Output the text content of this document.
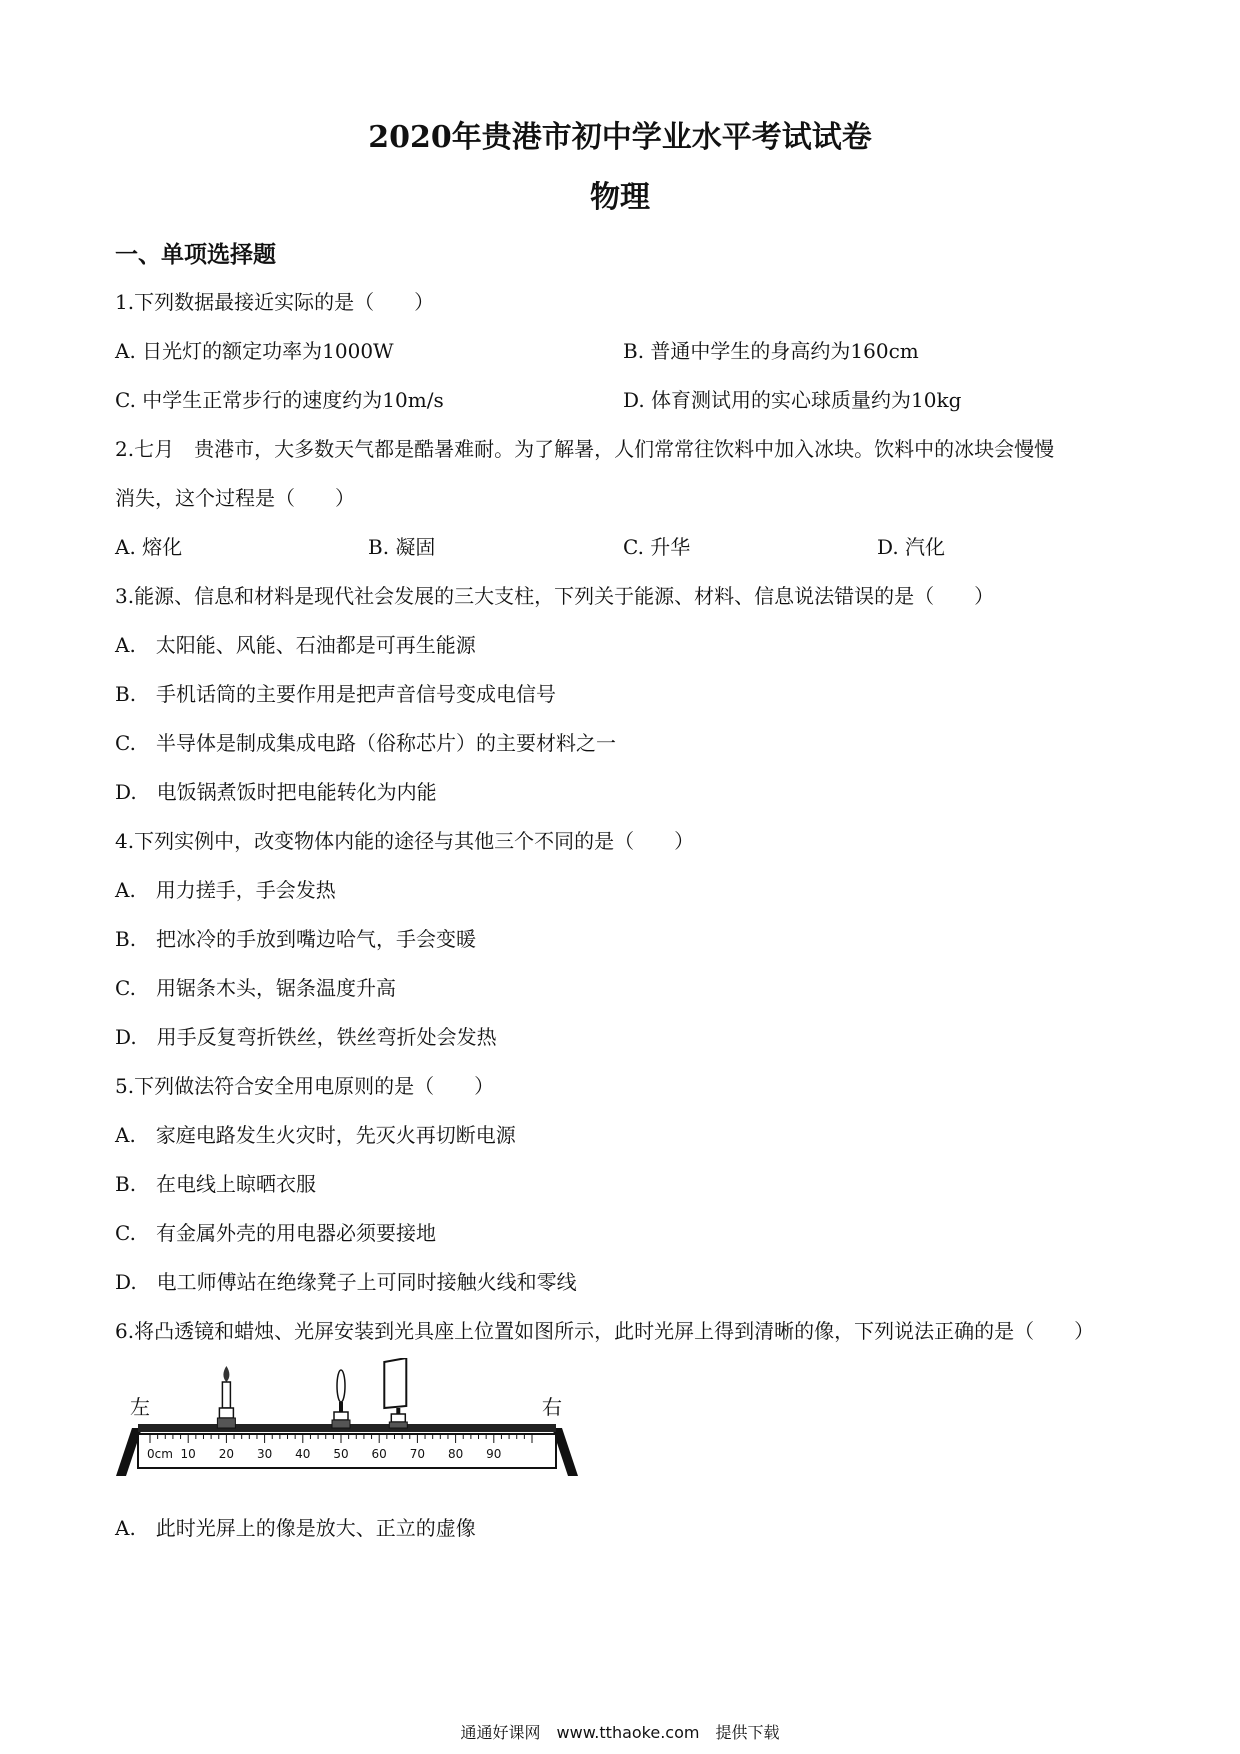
2020年贵港市初中学业水平考试试卷
物理
一、单项选择题
1.下列数据最接近实际的是（　　）
A. 日光灯的额定功率为1000W	B. 普通中学生的身高约为160cm
C. 中学生正常步行的速度约为10m/s	D. 体育测试用的实心球质量约为10kg
2.七月　贵港市，大多数天气都是酷暑难耐。为了解暑，人们常常往饮料中加入冰块。饮料中的冰块会慢慢
消失，这个过程是（　　）
A. 熔化	B. 凝固	C. 升华	D. 汽化
3.能源、信息和材料是现代社会发展的三大支柱，下列关于能源、材料、信息说法错误的是（　　）
A.　太阳能、风能、石油都是可再生能源
B.　手机话筒的主要作用是把声音信号变成电信号
C.　半导体是制成集成电路（俗称芯片）的主要材料之一
D.　电饭锅煮饭时把电能转化为内能
4.下列实例中，改变物体内能的途径与其他三个不同的是（　　）
A.　用力搓手，手会发热
B.　把冰冷的手放到嘴边哈气，手会变暖
C.　用锯条木头，锯条温度升高
D.　用手反复弯折铁丝，铁丝弯折处会发热
5.下列做法符合安全用电原则的是（　　）
A.　家庭电路发生火灾时，先灭火再切断电源
B.　在电线上晾晒衣服
C.　有金属外壳的用电器必须要接地
D.　电工师傅站在绝缘凳子上可同时接触火线和零线
6.将凸透镜和蜡烛、光屏安装到光具座上位置如图所示，此时光屏上得到清晰的像，下列说法正确的是（　　）
左	右
0cm 10 20 30 40 50 60 70 80 90
A.　此时光屏上的像是放大、正立的虚像
通通好课网　www.tthaoke.com　提供下载
